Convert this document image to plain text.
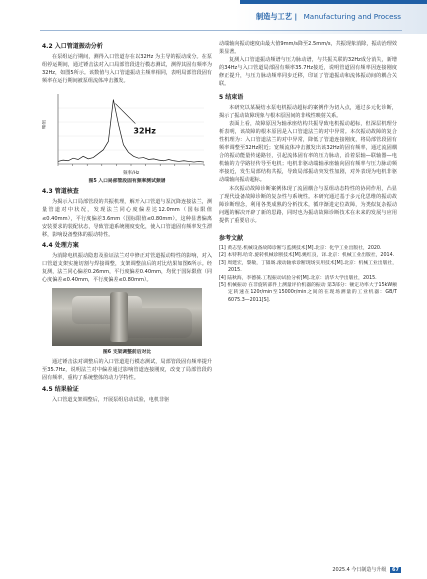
制造与工艺 | Manufacturing and Process
4.2 入口管道振动分析

在泵组运行期间，测得入口管道存在以32Hz 为主导的振动成分。在泵组停运期间，通过锤击法对入口局部管段进行模态测试，测得其固有频率为32Hz，如图5所示。该数值与入口管道振动主频率相同，表明局部管段固有频率在运行期间被泵组流体冲击激发。

幅值
频率/Hz
32Hz
图5 入口局部管段固有频率测试频谱
4.3 管道核查

为揭示入口局部管段的共振机理，解开入口管道与泵沉降连接法兰，测量管道对中状况，发现法兰同心度偏差达12.0mm（国标限值≤0.40mm），平行度偏差3.6mm（国标限值≤0.80mm）。这种显著偏离安装要求的装配状态，导致管道系统刚度变化，使入口管道固有频率发生漂移，影响设备整体的振动特性。

4.4 处理方案

为消除电机振动隐患及验证法兰对中修正对管道振动特性的影响，对入口管道支架实施切割与焊接调整，支架调整前后的对比结果如图6所示。经复测，法兰同心偏差0.26mm，平行度偏差0.40mm，均优于国际限值（同心度偏差≤0.40mm，平行度偏差≤0.80mm）。

图6 支架调整前后对比

通过锤击法对调整后的入口管道进行模态测试，局部管段固有频率提升至35.7Hz，说明法兰对中偏差通过影响管道连接刚度，改变了局部管段的固有频率，重构了系统整体的动力学特性。

4.5 结果验证

入口管道支架调整后，开展泵组启动试验，电机非驱

动端轴向振动速度由最大值9mm/s降至2.5mm/s，共振现象消除，振动治理效果显著。

复测入口管道振动频谱与压力脉动谱，与共振关联的32Hz成分消失，新增的34Hz与入口管道局部固有频率35.7Hz接近，说明管道固有频率因连接刚度修正提升，与压力脉动频率同步迁移，印证了管道振动和流体振动间的耦合关联。

5 结束语

本研究以某凝结水泵电机振动超标的案例作为切入点，通过多元化诊断，揭示了振动故障现象与根本原因间的非线性映射关系。

表面上看，故障原因为轴承座结构共振导致电机振动超标，但深层机理分析表明，该故障的根本原因是入口管道法兰的对中异常。本次振动故障的复合性机理为：入口管道法兰的对中异常，降低了管道连接刚度，将局部管段固有频率调整至32Hz附近；宽频流体冲击激发出该32Hz的固有频率，通过流固耦合的振动能量传递路径，引起流体固有率的压力脉动，沿着泵轴—联轴器—电机轴的力学路径传导至电机；电机非驱动端轴承座轴向固有频率与压力脉动频率接近，发生局部结构共振，导致局部振动突发性加剧，对外表现为电机非驱动端轴向振动超标。

本次振动故障诊断案例体现了流固耦合与泵组动态特性的协同作用，凸显了现代设备故障诊断的复杂性与系统性。本研究通过基于多元化思维的振动故障诊断理念，利用各类成熟的分析技术，循序渐进定位故障，为类似复杂振动问题的解决开辟了新的思路，同时也为振动故障诊断技术在未来的发展与应用提供了重要启示。

参考文献

[1] 黄志坚.机械设备故障诊断与监测技术[M].北京：化学工业出版社，2020.

[2] 本特利.哈奇.旋转机械诊断技术[M].姚红良，译.北京：机械工业出版社，2014.

[3] 周建宏，黎敏，丁韫旸.滚动轴承诊断现场实用技术[M].北京：机械工业出版社，2015.

[4] 陆秋海，李德葆.工程振动试验分析[M].北京：清华大学出版社，2015.

[5] 机械振动 在非旋转部件上测量评价机器的振动 第3部分：额定功率大于15kW额定转速在120r/min至15000r/min之间的在现场测量的工业机器：GB/T 6075.3—2011[S].

2025.4 今日制造与升级 67
